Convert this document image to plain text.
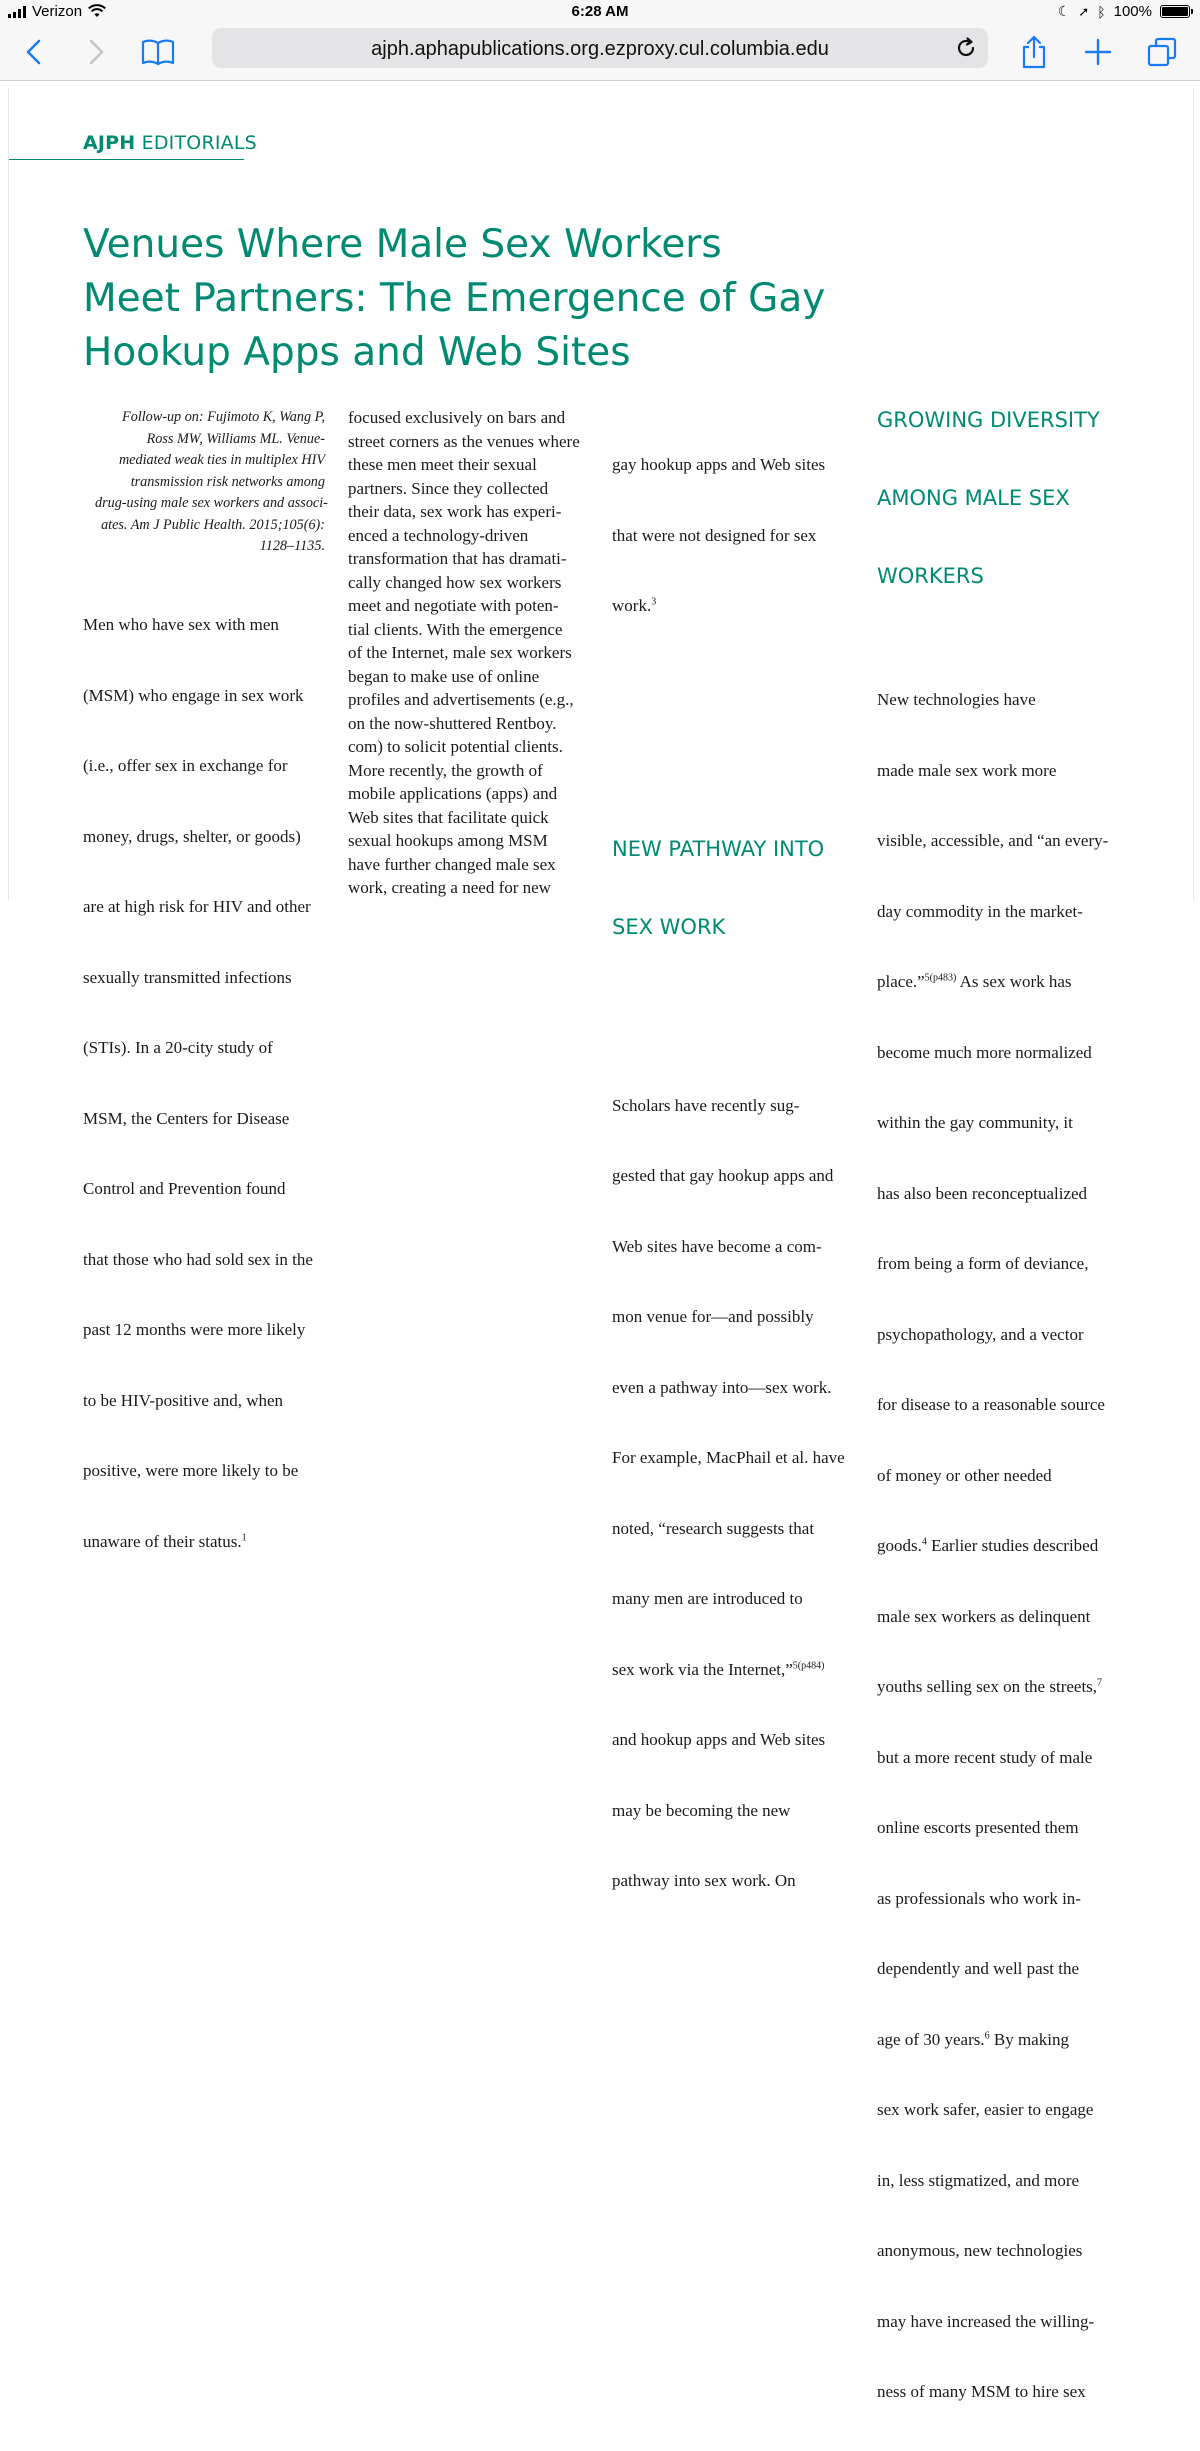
Verizon	6:28 AM	☾ ➚ ᛒ 100%
ajph.aphapublications.org.ezproxy.cul.columbia.edu
AJPH EDITORIALS
Venues Where Male Sex Workers
Meet Partners: The Emergence of Gay
Hookup Apps and Web Sites
Follow-up on: Fujimoto K, Wang P,
Ross MW, Williams ML. Venue-
mediated weak ties in multiplex HIV
transmission risk networks among
drug-using male sex workers and associ-
ates. Am J Public Health. 2015;105(6):
1128–1135.

Men who have sex with men

(MSM) who engage in sex work

(i.e., offer sex in exchange for

money, drugs, shelter, or goods)

are at high risk for HIV and other

sexually transmitted infections

(STIs). In a 20-city study of

MSM, the Centers for Disease

Control and Prevention found

that those who had sold sex in the

past 12 months were more likely

to be HIV-positive and, when

positive, were more likely to be

unaware of their status.$^1$

focused exclusively on bars and
street corners as the venues where
these men meet their sexual
partners. Since they collected
their data, sex work has experi-
enced a technology-driven
transformation that has dramati-
cally changed how sex workers
meet and negotiate with poten-
tial clients. With the emergence
of the Internet, male sex workers
began to make use of online
profiles and advertisements (e.g.,
on the now-shuttered Rentboy.
com) to solicit potential clients.
More recently, the growth of
mobile applications (apps) and
Web sites that facilitate quick
sexual hookups among MSM
have further changed male sex
work, creating a need for new

gay hookup apps and Web sites

that were not designed for sex

work.$^3$

NEW PATHWAY INTO

SEX WORK

Scholars have recently sug-

gested that gay hookup apps and

Web sites have become a com-

mon venue for—and possibly

even a pathway into—sex work.

For example, MacPhail et al. have

noted, “research suggests that

many men are introduced to

sex work via the Internet,”$^{5(p484)}$

and hookup apps and Web sites

may be becoming the new

pathway into sex work. On

GROWING DIVERSITY

AMONG MALE SEX

WORKERS

New technologies have

made male sex work more

visible, accessible, and “an every-

day commodity in the market-

place.”$^{5(p483)}$ As sex work has

become much more normalized

within the gay community, it

has also been reconceptualized

from being a form of deviance,

psychopathology, and a vector

for disease to a reasonable source

of money or other needed

goods.$^4$ Earlier studies described

male sex workers as delinquent

youths selling sex on the streets,$^7$

but a more recent study of male

online escorts presented them

as professionals who work in-

dependently and well past the

age of 30 years.$^6$ By making

sex work safer, easier to engage

in, less stigmatized, and more

anonymous, new technologies

may have increased the willing-

ness of many MSM to hire sex
